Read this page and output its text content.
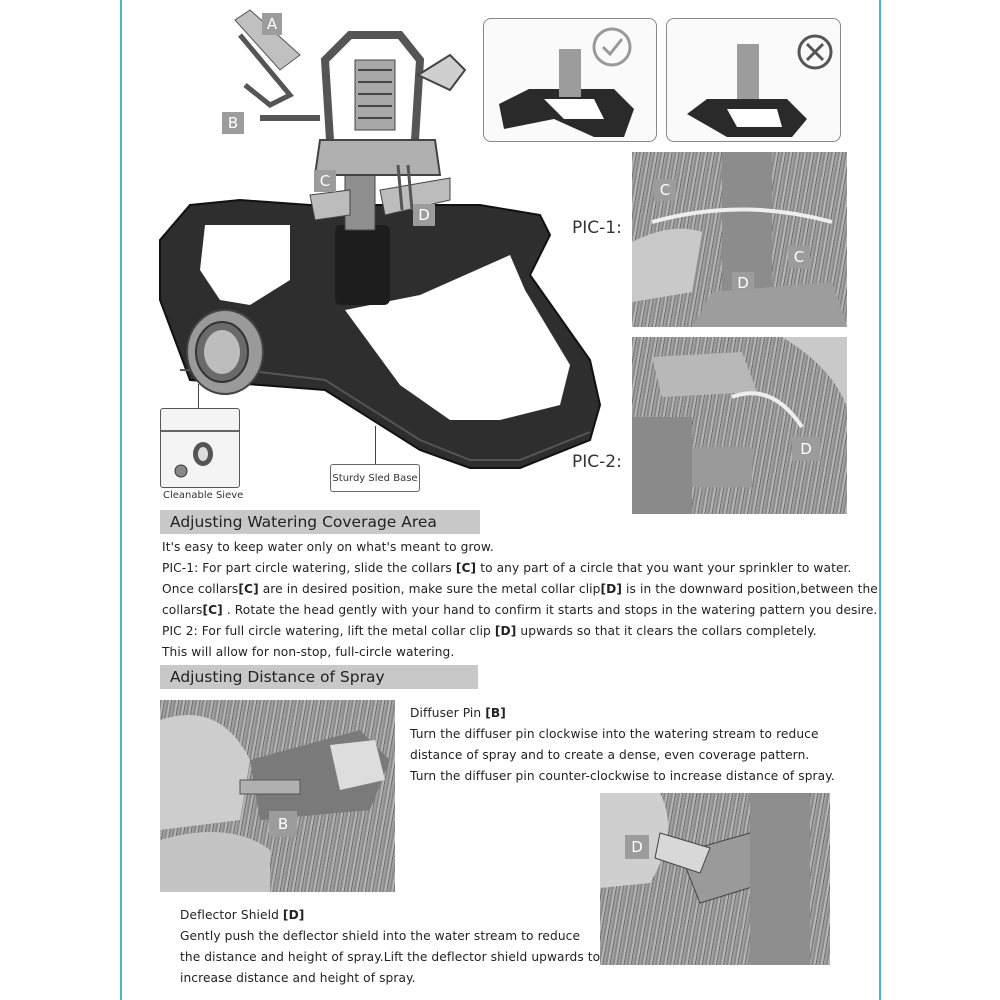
A
B
C
D
Cleanable Sieve
Sturdy Sled Base
PIC-1:
C
C
D
PIC-2:
D
Adjusting Watering Coverage Area
It's easy to keep water only on what's meant to grow.
PIC-1: For part circle watering, slide the collars [C] to any part of a circle that you want your sprinkler to water.
Once collars[C] are in desired position, make sure the metal collar clip[D] is in the downward position,between the
collars[C] . Rotate the head gently with your hand to confirm it starts and stops in the watering pattern you desire.
PIC 2: For full circle watering, lift the metal collar clip [D] upwards so that it clears the collars completely.
This will allow for non-stop, full-circle watering.
Adjusting Distance of Spray
B
Diffuser Pin [B]
Turn the diffuser pin clockwise into the watering stream to reduce
distance of spray and to create a dense, even coverage pattern.
Turn the diffuser pin counter-clockwise to increase distance of spray.
D
Deflector Shield [D]
Gently push the deflector shield into the water stream to reduce
the distance and height of spray.Lift the deflector shield upwards to
increase distance and height of spray.
